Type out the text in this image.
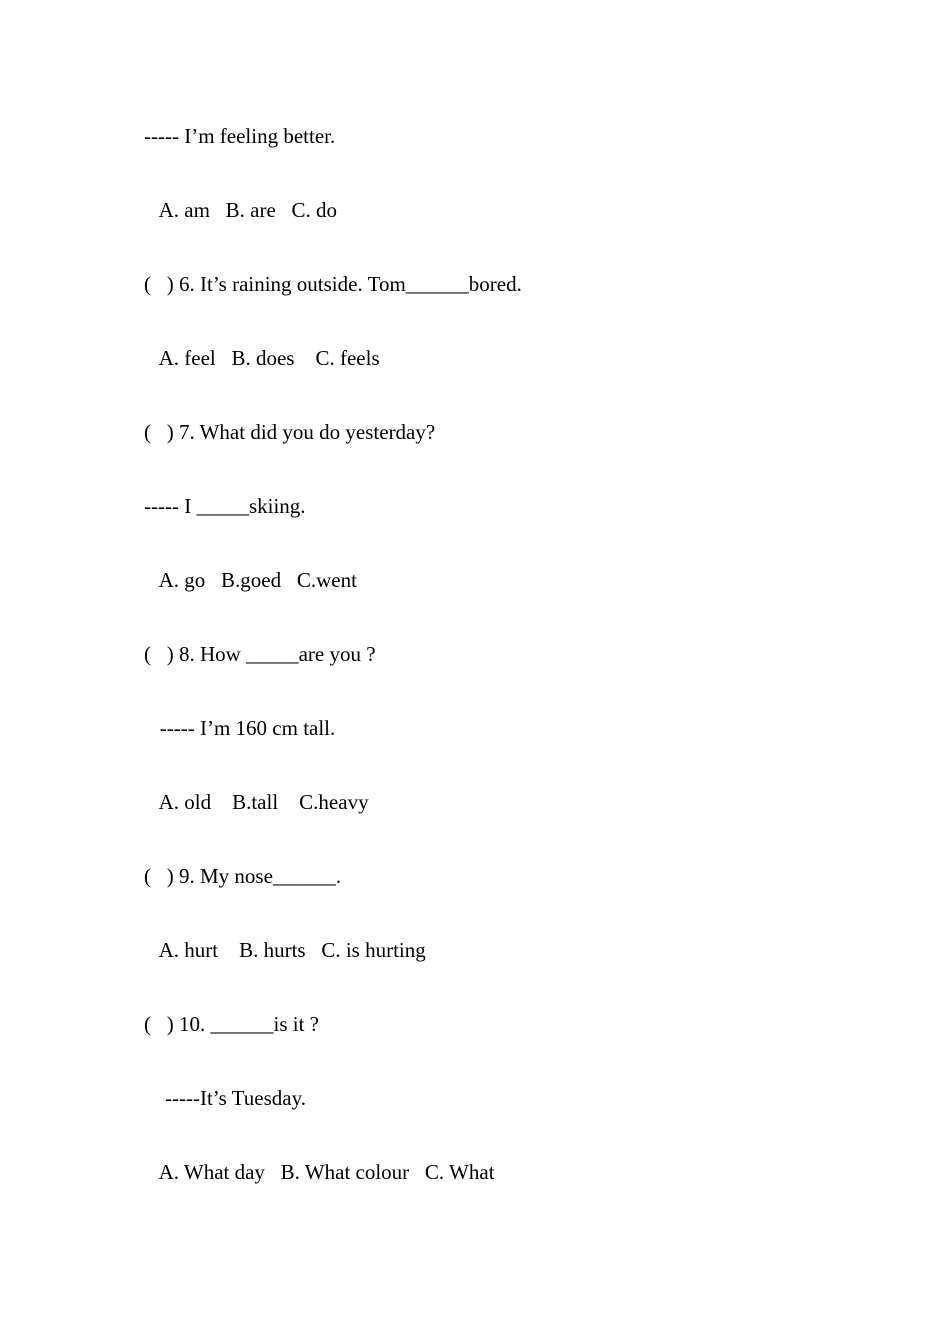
----- I’m feeling better.
A. am   B. are   C. do
(   ) 6. It’s raining outside. Tom______bored.
A. feel   B. does    C. feels
(   ) 7. What did you do yesterday?
----- I _____skiing.
A. go   B.goed   C.went
(   ) 8. How _____are you ?
----- I’m 160 cm tall.
A. old    B.tall    C.heavy
(   ) 9. My nose______.
A. hurt    B. hurts   C. is hurting
(   ) 10. ______is it ?
-----It’s Tuesday.
A. What day   B. What colour   C. What
